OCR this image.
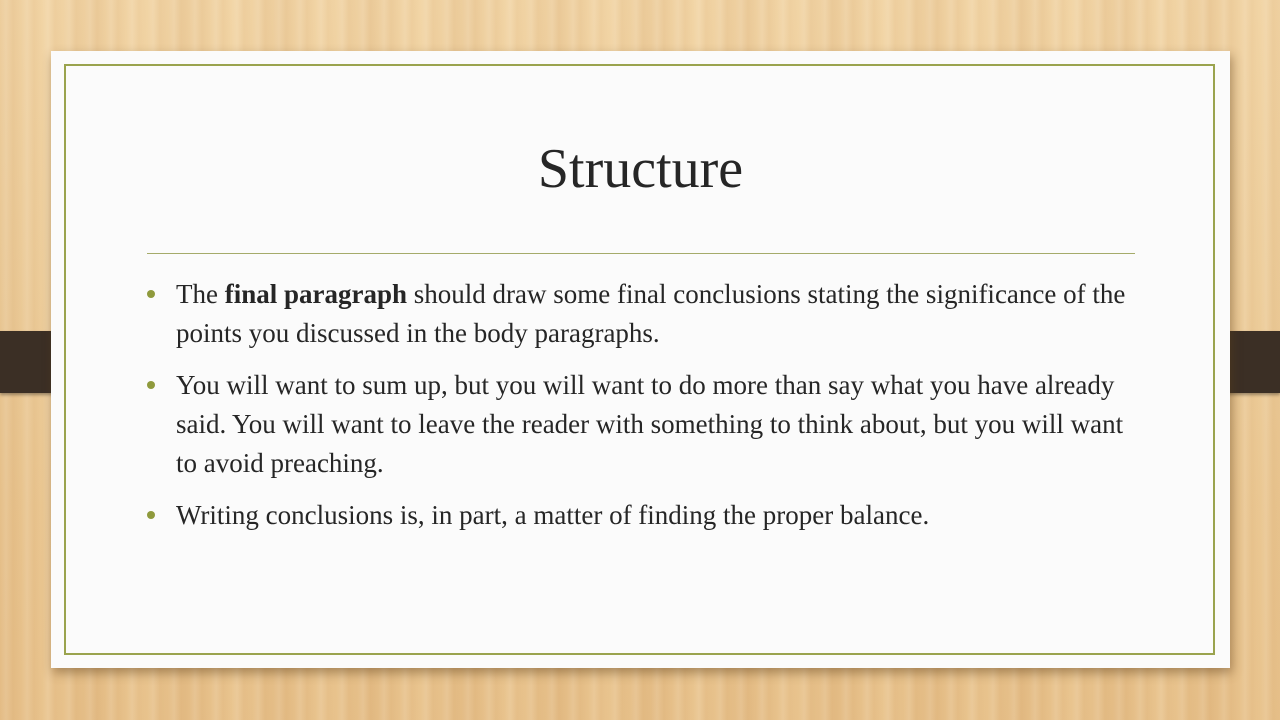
Structure
The final paragraph should draw some final conclusions stating the significance of the points you discussed in the body paragraphs.
You will want to sum up, but you will want to do more than say what you have already said. You will want to leave the reader with something to think about, but you will want to avoid preaching.
Writing conclusions is, in part, a matter of finding the proper balance.
